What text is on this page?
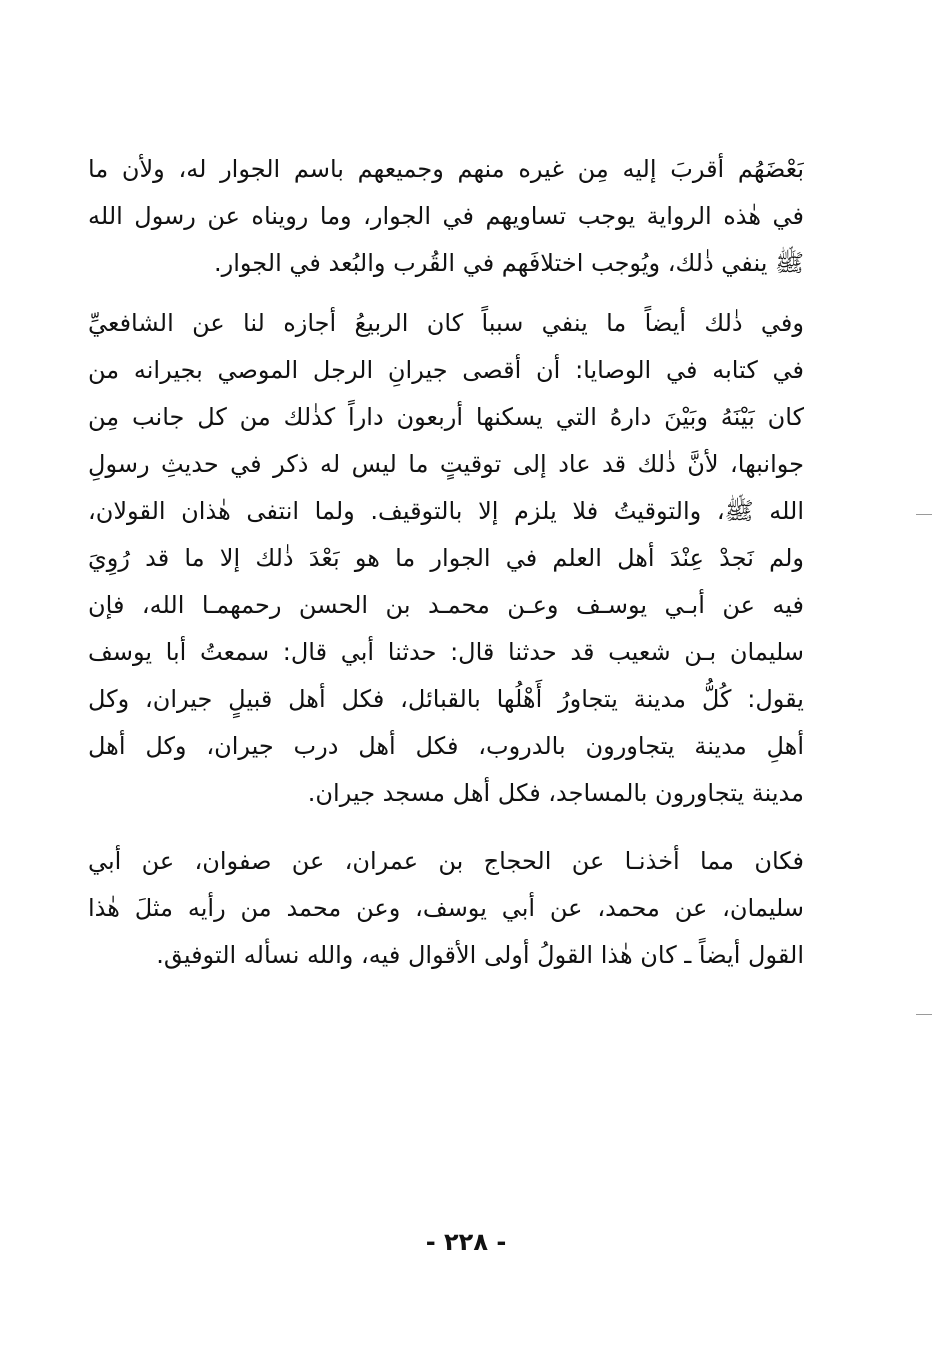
بَعْضَهُم أقربَ إليه مِن غيره منهم وجميعهم باسم الجوار له، ولأن ما
في هٰذه الرواية يوجب تساويهم في الجوار، وما رويناه عن رسول الله
ﷺ ينفي ذٰلك، ويُوجب اختلافَهم في القُرب والبُعد في الجوار.
وفي ذٰلك أيضاً ما ينفي سبباً كان الربيعُ أجازه لنا عن الشافعيِّ
في كتابه في الوصايا: أن أقصى جيرانِ الرجل الموصي بجيرانه من
كان بَيْنَهُ وبَيْنَ دارهُ التي يسكنها أربعون داراً كذٰلك من كل جانب مِن
جوانبها، لأنَّ ذٰلك قد عاد إلى توقيتٍ ما ليس له ذكر في حديثِ رسولِ
الله ﷺ، والتوقيتُ فلا يلزم إلا بالتوقيف. ولما انتفى هٰذان القولان،
ولم نَجدْ عِنْدَ أهل العلم في الجوار ما هو بَعْدَ ذٰلك إلا ما قد رُوِيَ
فيه عن أبـي يوسـف وعـن محمـد بن الحسن رحمهمـا الله، فإن
سليمان بـن شعيب قد حدثنا قال: حدثنا أبي قال: سمعتُ أبا يوسف
يقول: كُلُّ مدينة يتجاورُ أَهْلُها بالقبائل، فكل أهل قبيلٍ جيران، وكل
أهلِ مدينة يتجاورون بالدروب، فكل أهل درب جيران، وكل أهل
مدينة يتجاورون بالمساجد، فكل أهل مسجد جيران.
فكان مما أخذنـا عن الحجاج بن عمران، عن صفوان، عن أبي
سليمان، عن محمد، عن أبي يوسف، وعن محمد من رأيه مثلَ هٰذا
القول أيضاً ـ كان هٰذا القولُ أولى الأقوال فيه، والله نسأله التوفيق.
- ٢٢٨ -
